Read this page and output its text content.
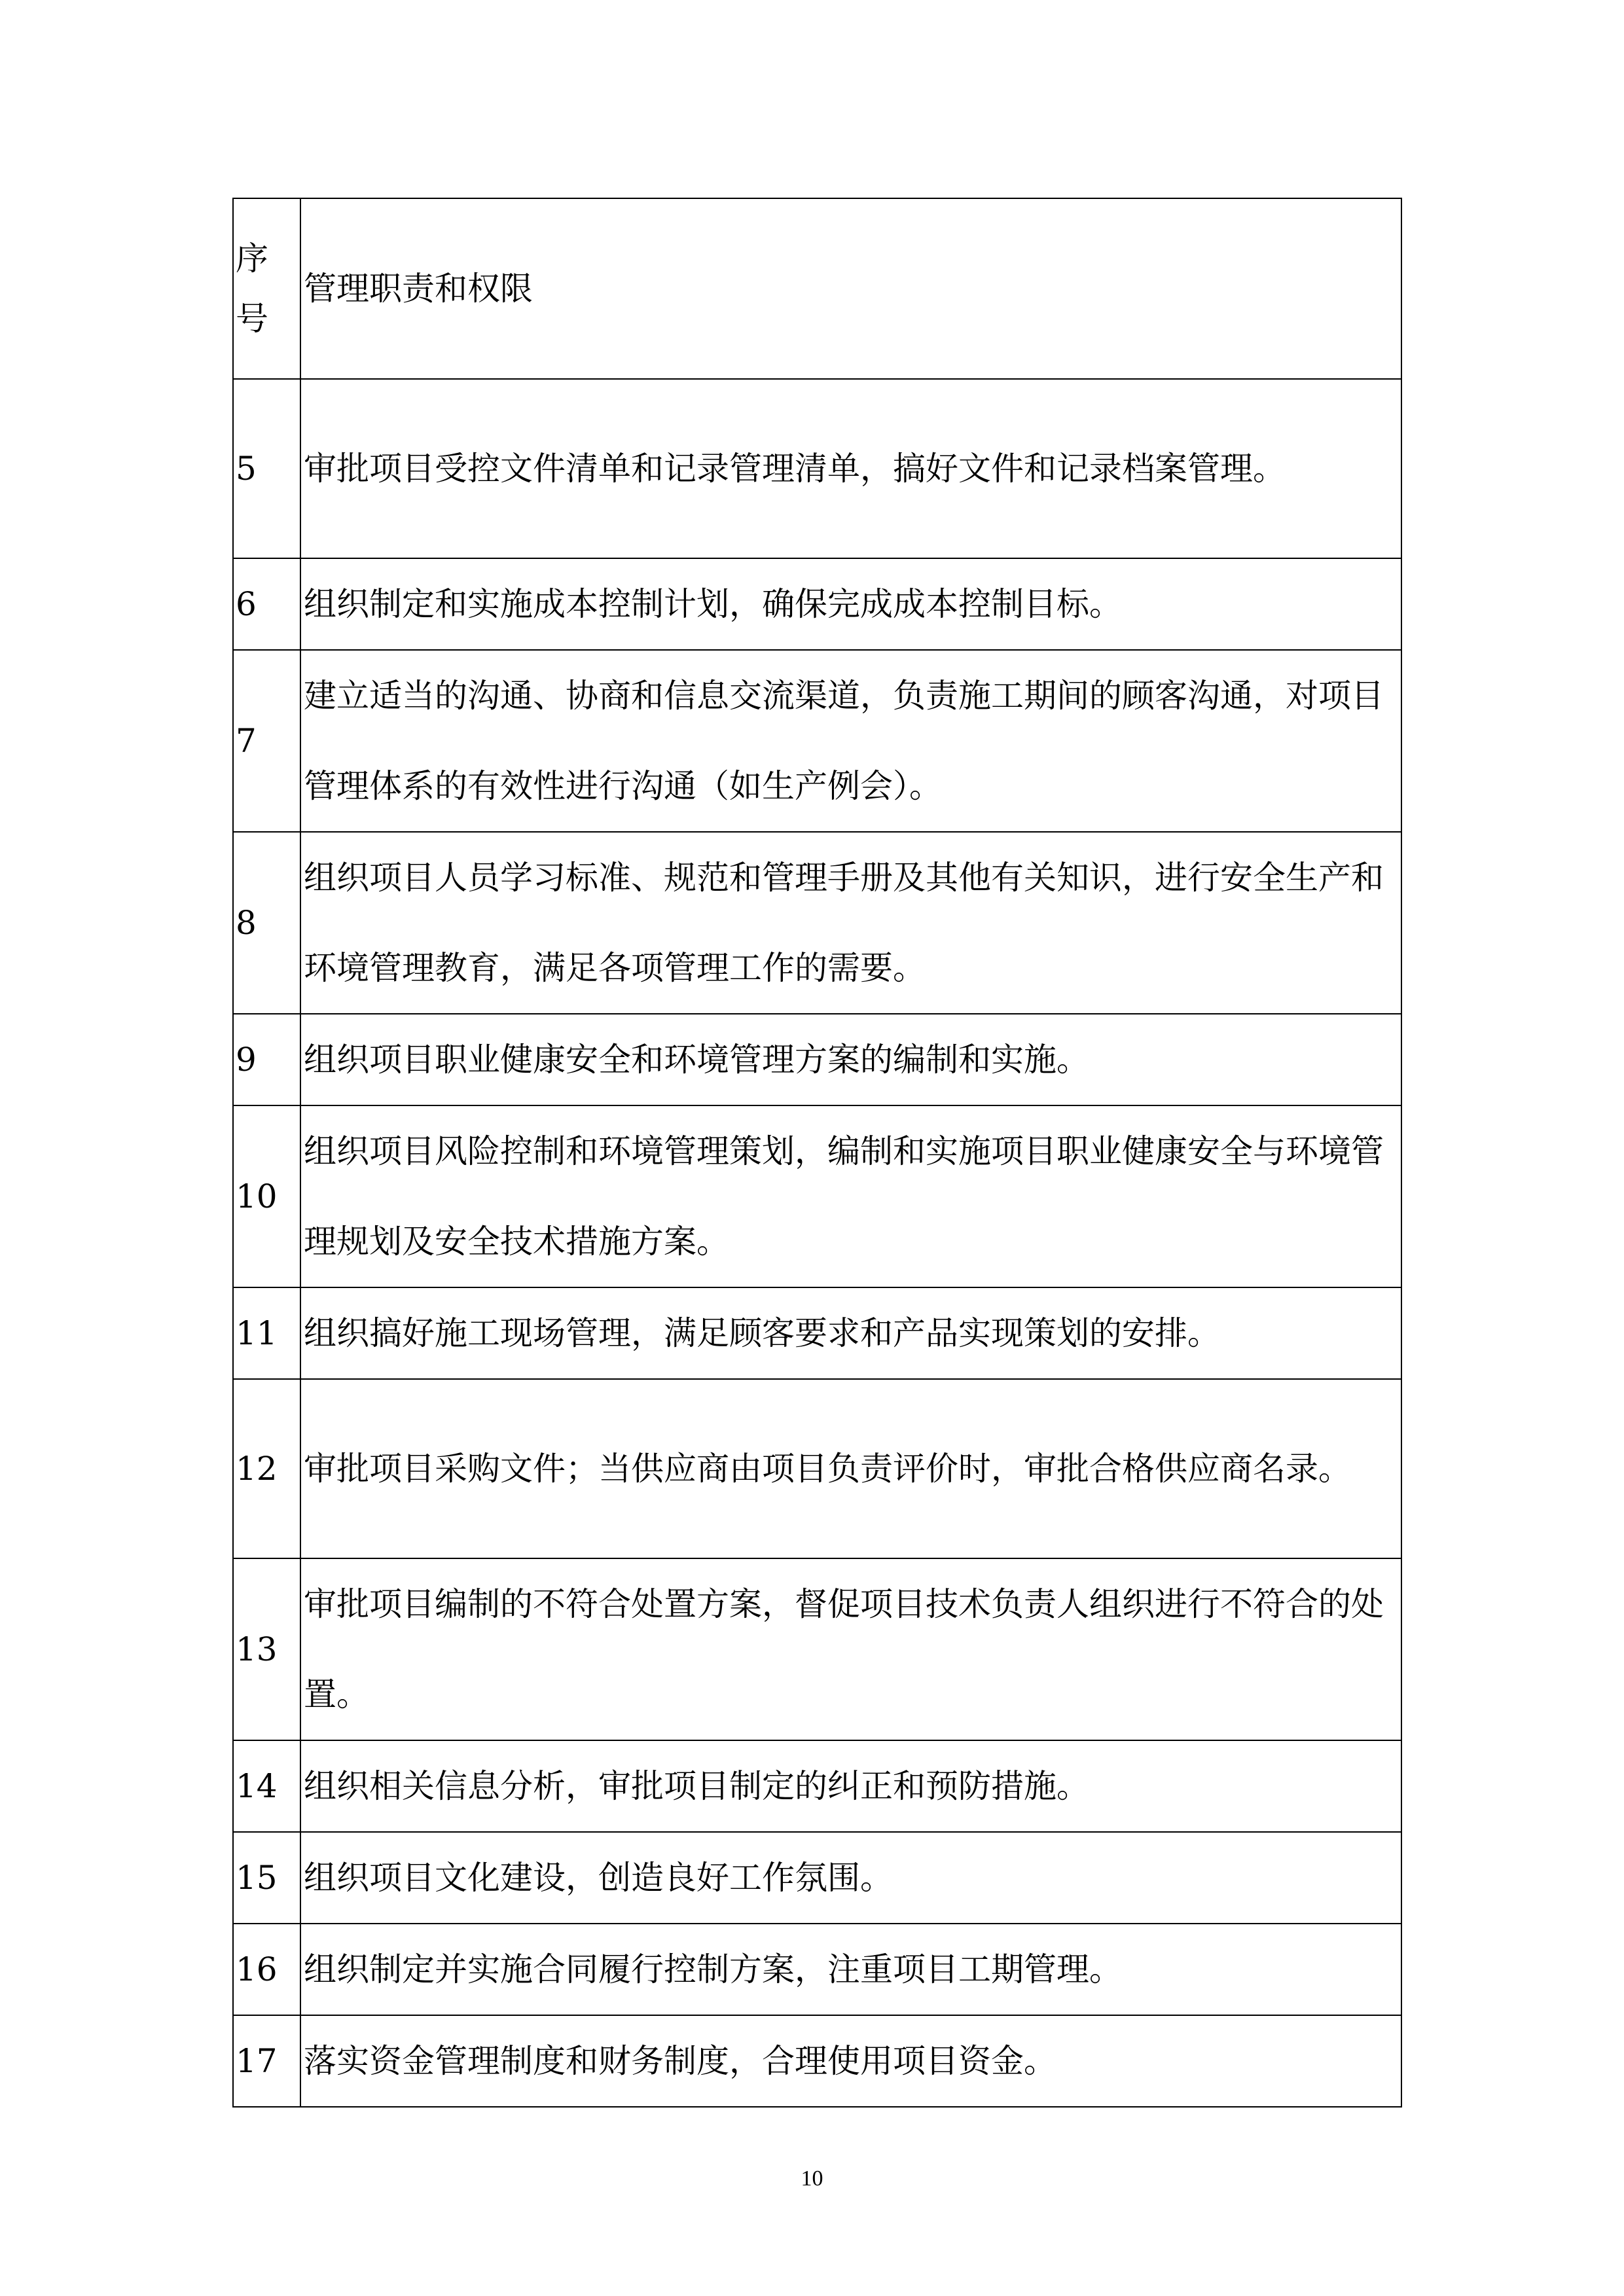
序号	管理职责和权限
5	审批项目受控文件清单和记录管理清单，搞好文件和记录档案管理。
6	组织制定和实施成本控制计划，确保完成成本控制目标。
7	建立适当的沟通、协商和信息交流渠道，负责施工期间的顾客沟通，对项目管理体系的有效性进行沟通（如生产例会）。
8	组织项目人员学习标准、规范和管理手册及其他有关知识，进行安全生产和环境管理教育，满足各项管理工作的需要。
9	组织项目职业健康安全和环境管理方案的编制和实施。
10	组织项目风险控制和环境管理策划，编制和实施项目职业健康安全与环境管理规划及安全技术措施方案。
11	组织搞好施工现场管理，满足顾客要求和产品实现策划的安排。
12	审批项目采购文件；当供应商由项目负责评价时，审批合格供应商名录。
13	审批项目编制的不符合处置方案，督促项目技术负责人组织进行不符合的处置。
14	组织相关信息分析，审批项目制定的纠正和预防措施。
15	组织项目文化建设，创造良好工作氛围。
16	组织制定并实施合同履行控制方案，注重项目工期管理。
17	落实资金管理制度和财务制度，合理使用项目资金。
10
